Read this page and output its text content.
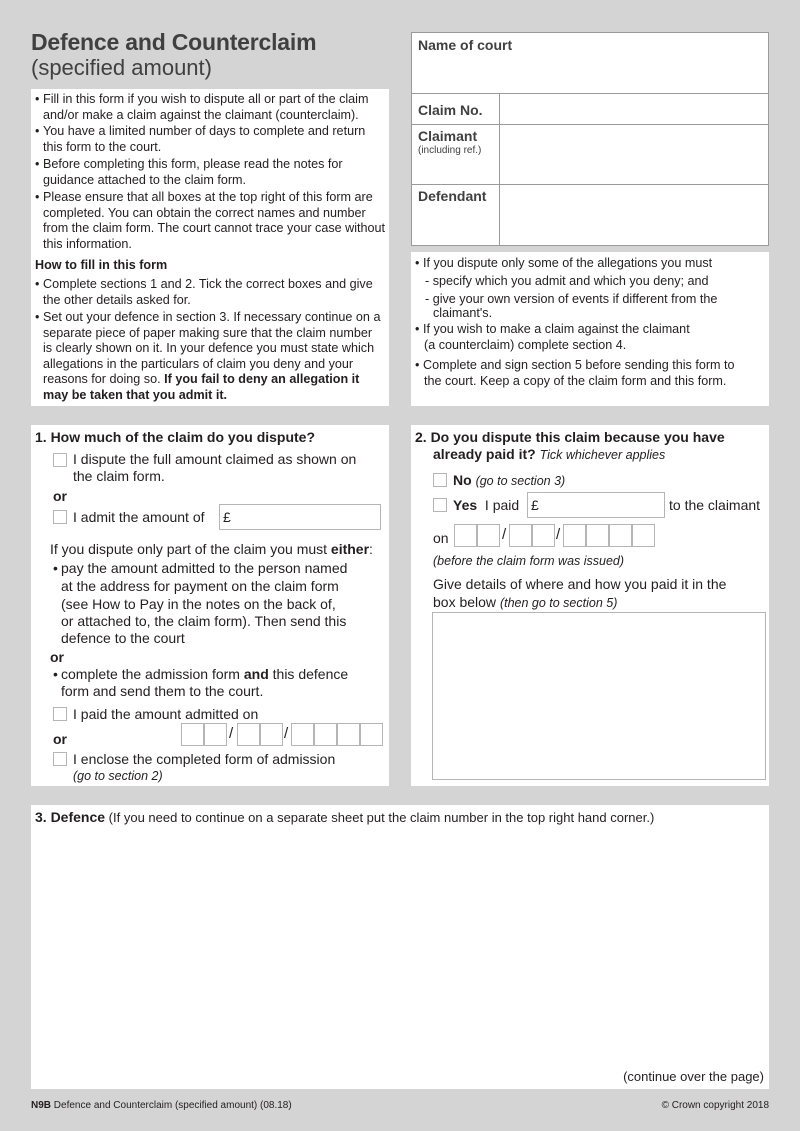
Defence and Counterclaim
(specified amount)
Name of court
Claim No.
Claimant
(including ref.)
Defendant
• Fill in this form if you wish to dispute all or part of the claim and/or make a claim against the claimant (counterclaim).
• You have a limited number of days to complete and return this form to the court.
• Before completing this form, please read the notes for guidance attached to the claim form.
• Please ensure that all boxes at the top right of this form are completed. You can obtain the correct names and number from the claim form. The court cannot trace your case without this information.
How to fill in this form
• Complete sections 1 and 2. Tick the correct boxes and give the other details asked for.
• Set out your defence in section 3. If necessary continue on a separate piece of paper making sure that the claim number is clearly shown on it. In your defence you must state which allegations in the particulars of claim you deny and your reasons for doing so. If you fail to deny an allegation it may be taken that you admit it.
• If you dispute only some of the allegations you must
- specify which you admit and which you deny; and
- give your own version of events if different from the
claimant's.
• If you wish to make a claim against the claimant
(a counterclaim) complete section 4.
• Complete and sign section 5 before sending this form to
the court. Keep a copy of the claim form and this form.
1. How much of the claim do you dispute?
I dispute the full amount claimed as shown on
the claim form.
or
I admit the amount of £
If you dispute only part of the claim you must either:
• pay the amount admitted to the person named
at the address for payment on the claim form
(see How to Pay in the notes on the back of,
or attached to, the claim form). Then send this
defence to the court
or
• complete the admission form and this defence
form and send them to the court.
I paid the amount admitted on
or	/	/
I enclose the completed form of admission
(go to section 2)
2. Do you dispute this claim because you have
already paid it? Tick whichever applies
No (go to section 3)
Yes I paid £	to the claimant
on	/	/
(before the claim form was issued)
Give details of where and how you paid it in the
box below (then go to section 5)
3. Defence (If you need to continue on a separate sheet put the claim number in the top right hand corner.)
(continue over the page)
N9B Defence and Counterclaim (specified amount) (08.18)	© Crown copyright 2018
